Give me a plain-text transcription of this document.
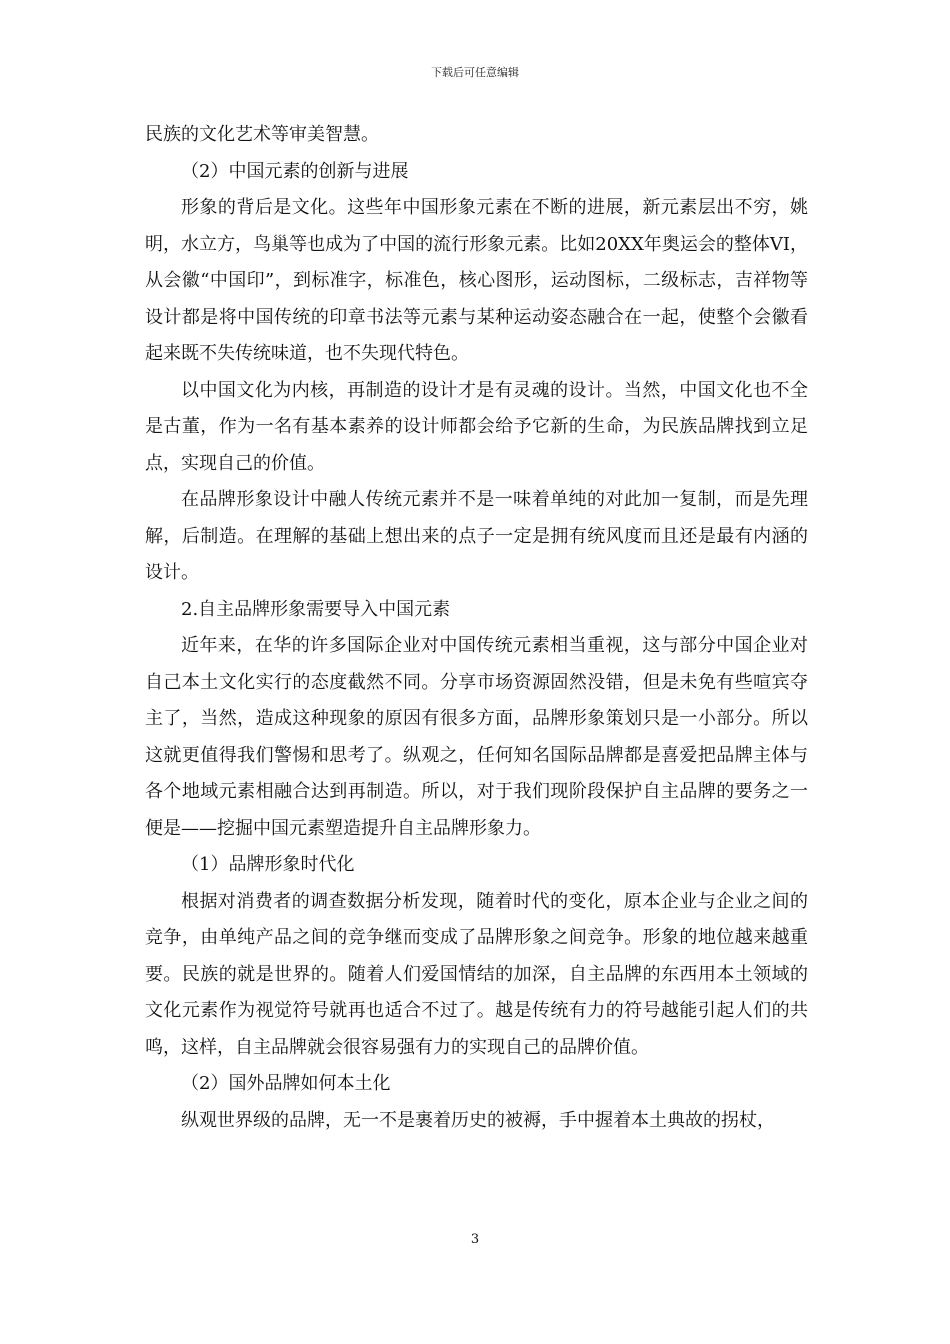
下载后可任意编辑

民族的文化艺术等审美智慧。

（2）中国元素的创新与进展

形象的背后是文化。这些年中国形象元素在不断的进展，新元素层出不穷，姚明，水立方，鸟巢等也成为了中国的流行形象元素。比如20XX年奥运会的整体VI，从会徽“中国印”，到标准字，标准色，核心图形，运动图标，二级标志，吉祥物等设计都是将中国传统的印章书法等元素与某种运动姿态融合在一起，使整个会徽看起来既不失传统味道，也不失现代特色。

以中国文化为内核，再制造的设计才是有灵魂的设计。当然，中国文化也不全是古董，作为一名有基本素养的设计师都会给予它新的生命，为民族品牌找到立足点，实现自己的价值。

在品牌形象设计中融人传统元素并不是一味着单纯的对此加一复制，而是先理解，后制造。在理解的基础上想出来的点子一定是拥有统风度而且还是最有内涵的设计。

2.自主品牌形象需要导入中国元素

近年来，在华的许多国际企业对中国传统元素相当重视，这与部分中国企业对自己本土文化实行的态度截然不同。分享市场资源固然没错，但是未免有些喧宾夺主了，当然，造成这种现象的原因有很多方面，品牌形象策划只是一小部分。所以这就更值得我们警惕和思考了。纵观之，任何知名国际品牌都是喜爱把品牌主体与各个地域元素相融合达到再制造。所以，对于我们现阶段保护自主品牌的要务之一便是——挖掘中国元素塑造提升自主品牌形象力。

（1）品牌形象时代化

根据对消费者的调查数据分析发现，随着时代的变化，原本企业与企业之间的竞争，由单纯产品之间的竞争继而变成了品牌形象之间竞争。形象的地位越来越重要。民族的就是世界的。随着人们爱国情结的加深，自主品牌的东西用本土领域的文化元素作为视觉符号就再也适合不过了。越是传统有力的符号越能引起人们的共鸣，这样，自主品牌就会很容易强有力的实现自己的品牌价值。

（2）国外品牌如何本土化

纵观世界级的品牌，无一不是裹着历史的被褥，手中握着本土典故的拐杖，

3
